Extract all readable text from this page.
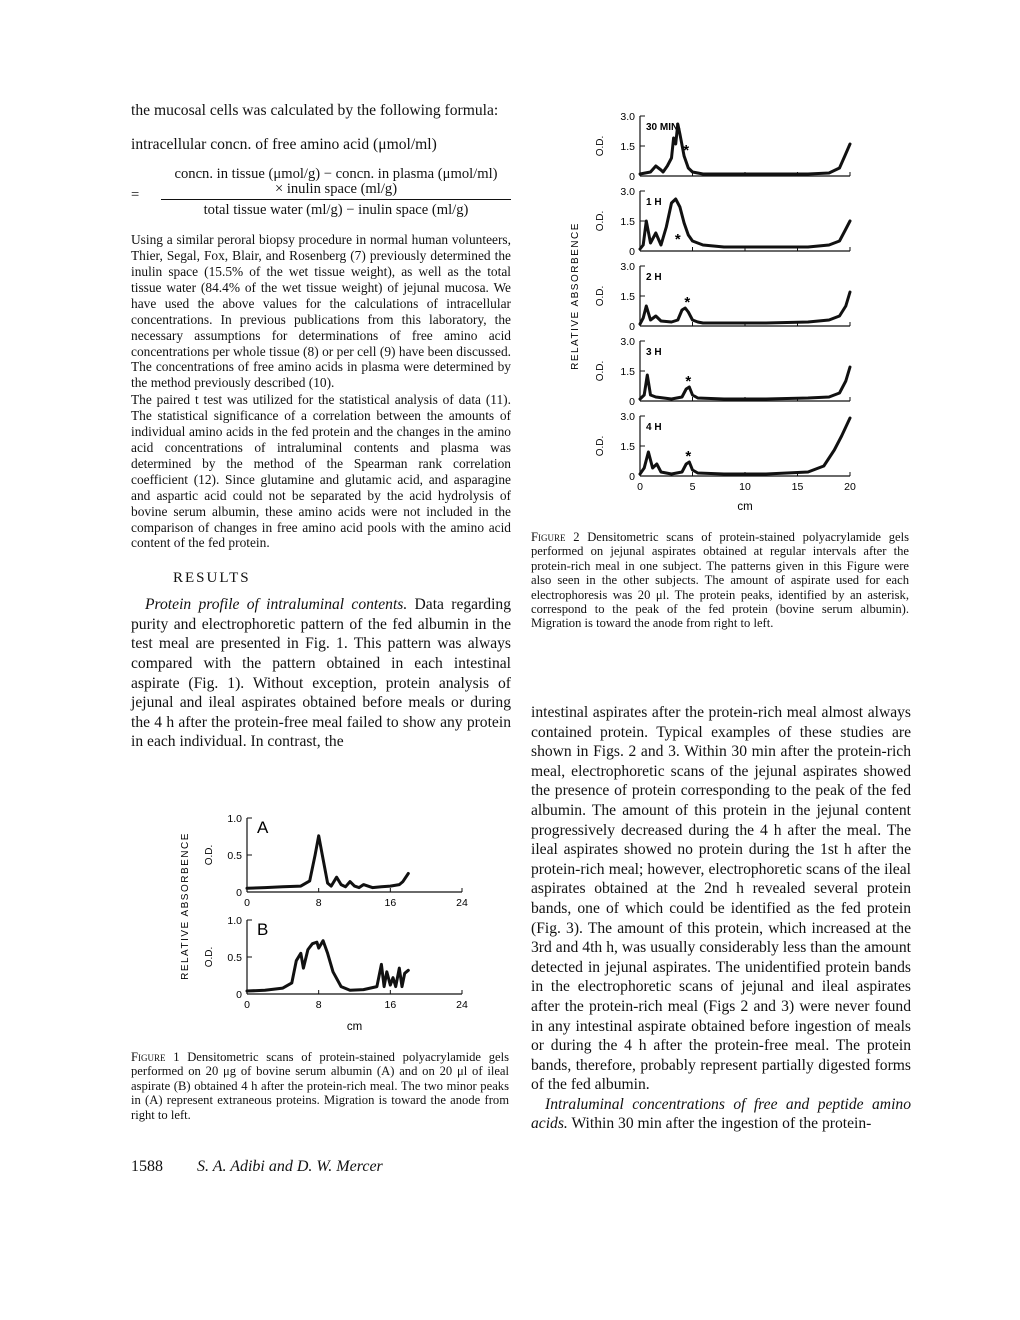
the mucosal cells was calculated by the following formula:

intracellular concn. of free amino acid (μmol/ml)

=
concn. in tissue (μmol/g) − concn. in plasma (μmol/ml)
× inulin space (ml/g)
total tissue water (ml/g) − inulin space (ml/g)

Using a similar peroral biopsy procedure in normal human volunteers, Thier, Segal, Fox, Blair, and Rosenberg (7) previously determined the inulin space (15.5% of the wet tissue weight), as well as the total tissue water (84.4% of the wet tissue weight) of jejunal mucosa. We have used the above values for the calculations of intracellular concentrations. In previous publications from this laboratory, the necessary assumptions for determinations of free amino acid concentrations per whole tissue (8) or per cell (9) have been discussed. The concentrations of free amino acids in plasma were determined by the method previously described (10).

The paired t test was utilized for the statistical analysis of data (11). The statistical significance of a correlation between the amounts of individual amino acids in the fed protein and the changes in the amino acid concentrations of intraluminal contents and plasma was determined by the method of the Spearman rank correlation coefficient (12). Since glutamine and glutamic acid, and asparagine and aspartic acid could not be separated by the acid hydrolysis of bovine serum albumin, these amino acids were not included in the comparison of changes in free amino acid pools with the amino acid content of the fed protein.

RESULTS

Protein profile of intraluminal contents. Data regarding purity and electrophoretic pattern of the fed albumin in the test meal are presented in Fig. 1. This pattern was always compared with the pattern obtained in each intestinal aspirate (Fig. 1). Without exception, protein analysis of jejunal and ileal aspirates obtained before meals or during the 4 h after the protein-free meal failed to show any protein in each individual. In contrast, the

RELATIVE ABSORBENCE	0
0.5
1.0
O.D.
A
0	8	16	24
0
0.5
1.0
O.D.
B
0	8	16	24
cm
Figure 1 Densitometric scans of protein-stained polyacrylamide gels performed on 20 μg of bovine serum albumin (A) and on 20 μl of ileal aspirate (B) obtained 4 h after the protein-rich meal. The two minor peaks in (A) represent extraneous proteins. Migration is toward the anode from right to left.
1588 S. A. Adibi and D. W. Mercer
RELATIVE ABSORBENCE
0
1.5
3.0
O.D.
30 MIN.
*
0
1.5
3.0
O.D.
1 H
*
0
1.5
3.0
O.D.
2 H
*
0
1.5
3.0
O.D.
3 H
*
0
1.5
3.0
O.D.
4 H
0	5	10	15	20
*
cm
Figure 2 Densitometric scans of protein-stained polyacrylamide gels performed on jejunal aspirates obtained at regular intervals after the protein-rich meal in one subject. The patterns given in this Figure were also seen in the other subjects. The amount of aspirate used for each electrophoresis was 20 μl. The protein peaks, identified by an asterisk, correspond to the peak of the fed protein (bovine serum albumin). Migration is toward the anode from right to left.

intestinal aspirates after the protein-rich meal almost always contained protein. Typical examples of these studies are shown in Figs. 2 and 3. Within 30 min after the protein-rich meal, electrophoretic scans of the jejunal aspirates showed the presence of protein corresponding to the peak of the fed albumin. The amount of this protein in the jejunal content progressively decreased during the 4 h after the meal. The ileal aspirates showed no protein during the 1st h after the protein-rich meal; however, electrophoretic scans of the ileal aspirates obtained at the 2nd h revealed several protein bands, one of which could be identified as the fed protein (Fig. 3). The amount of this protein, which increased at the 3rd and 4th h, was usually considerably less than the amount detected in jejunal aspirates. The unidentified protein bands in the electrophoretic scans of jejunal and ileal aspirates after the protein-rich meal (Figs 2 and 3) were never found in any intestinal aspirate obtained before ingestion of meals or during the 4 h after the protein-free meal. The protein bands, therefore, probably represent partially digested forms of the fed albumin.

Intraluminal concentrations of free and peptide amino acids. Within 30 min after the ingestion of the protein-
